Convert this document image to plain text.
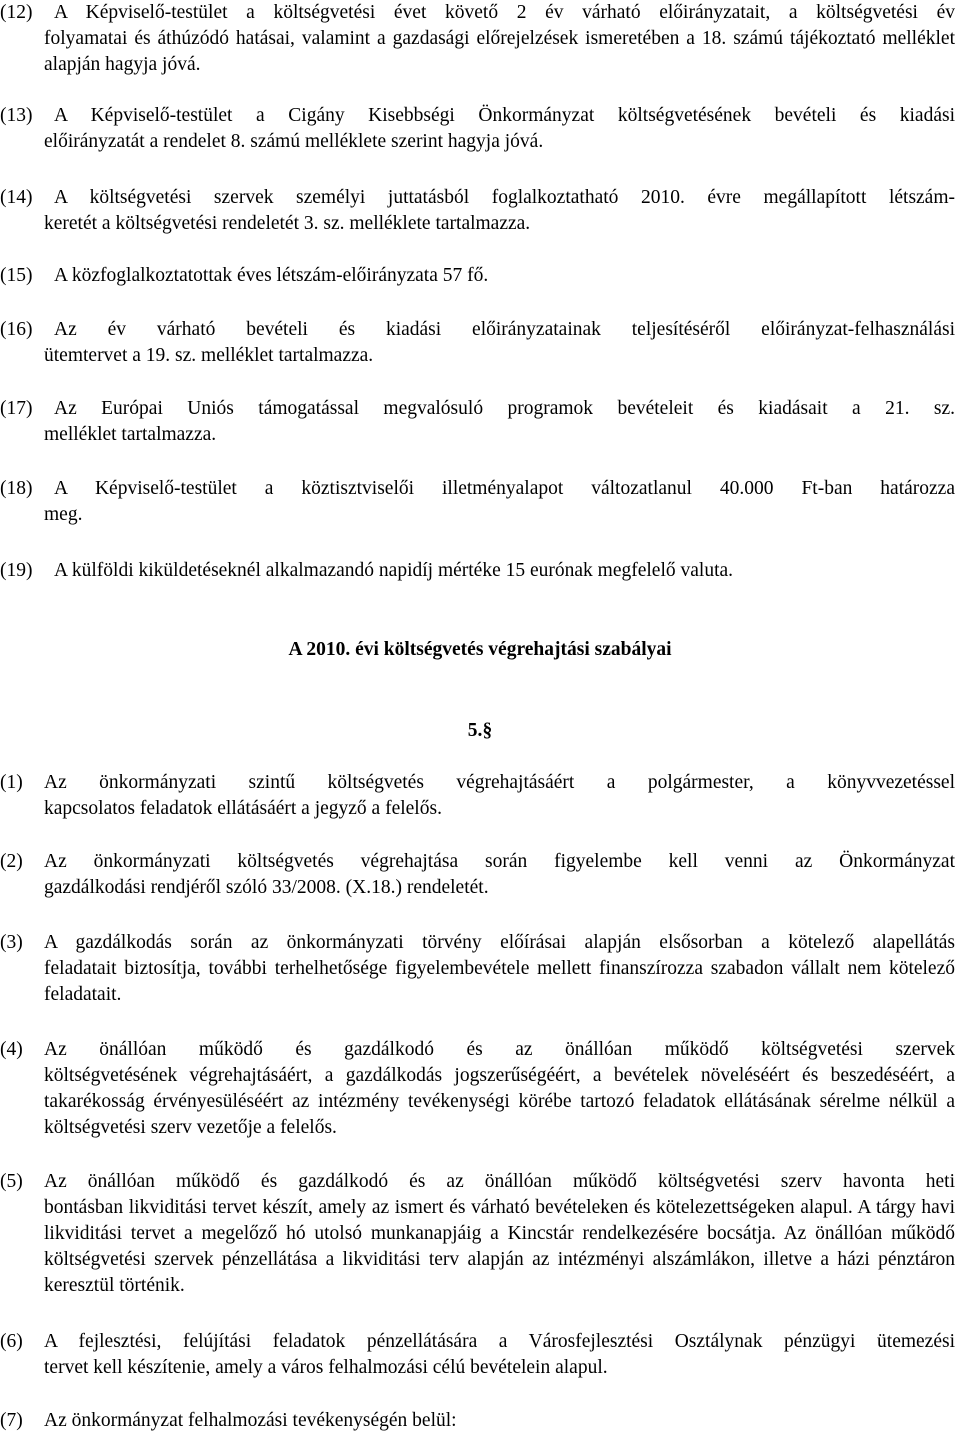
(12)	A Képviselő-testület a költségvetési évet követő 2 év várható előirányzatait, a költségvetési év
folyamatai és áthúzódó hatásai, valamint a gazdasági előrejelzések ismeretében a 18. számú tájékoztató melléklet alapján hagyja jóvá.
(13)	A Képviselő-testület a Cigány Kisebbségi Önkormányzat költségvetésének bevételi és kiadási
előirányzatát a rendelet 8. számú melléklete szerint hagyja jóvá.
(14)	A költségvetési szervek személyi juttatásból foglalkoztatható 2010. évre megállapított létszám-
keretét a költségvetési rendeletét 3. sz. melléklete tartalmazza.
(15)	A közfoglalkoztatottak éves létszám-előirányzata 57 fő.
(16)	Az év várható bevételi és kiadási előirányzatainak teljesítéséről előirányzat-felhasználási
ütemtervet a 19. sz. melléklet tartalmazza.
(17)	Az Európai Uniós támogatással megvalósuló programok bevételeit és kiadásait a 21. sz.
melléklet tartalmazza.
(18)	A Képviselő-testület a köztisztviselői illetményalapot változatlanul 40.000 Ft-ban határozza
meg.
(19)	A külföldi kiküldetéseknél alkalmazandó napidíj mértéke 15 eurónak megfelelő valuta.
A 2010. évi költségvetés végrehajtási szabályai
5.§
(1)	Az önkormányzati szintű költségvetés végrehajtásáért a polgármester, a könyvvezetéssel
kapcsolatos feladatok ellátásáért a jegyző a felelős.
(2)	Az önkormányzati költségvetés végrehajtása során figyelembe kell venni az Önkormányzat
gazdálkodási rendjéről szóló 33/2008. (X.18.) rendeletét.
(3)	A gazdálkodás során az önkormányzati törvény előírásai alapján elsősorban a kötelező alapellátás
feladatait biztosítja, további terhelhetősége figyelembevétele mellett finanszírozza szabadon vállalt nem kötelező feladatait.
(4)	Az önállóan működő és gazdálkodó és az önállóan működő költségvetési szervek
költségvetésének végrehajtásáért, a gazdálkodás jogszerűségéért, a bevételek növeléséért és beszedéséért, a takarékosság érvényesüléséért az intézmény tevékenységi körébe tartozó feladatok ellátásának sérelme nélkül a költségvetési szerv vezetője a felelős.
(5)	Az önállóan működő és gazdálkodó és az önállóan működő költségvetési szerv havonta heti
bontásban likviditási tervet készít, amely az ismert és várható bevételeken és kötelezettségeken alapul. A tárgy havi likviditási tervet a megelőző hó utolsó munkanapjáig a Kincstár rendelkezésére bocsátja. Az önállóan működő költségvetési szervek pénzellátása a likviditási terv alapján az intézményi alszámlákon, illetve a házi pénztáron keresztül történik.
(6)	A fejlesztési, felújítási feladatok pénzellátására a Városfejlesztési Osztálynak pénzügyi ütemezési
tervet kell készítenie, amely a város felhalmozási célú bevételein alapul.
(7)	Az önkormányzat felhalmozási tevékenységén belül:
